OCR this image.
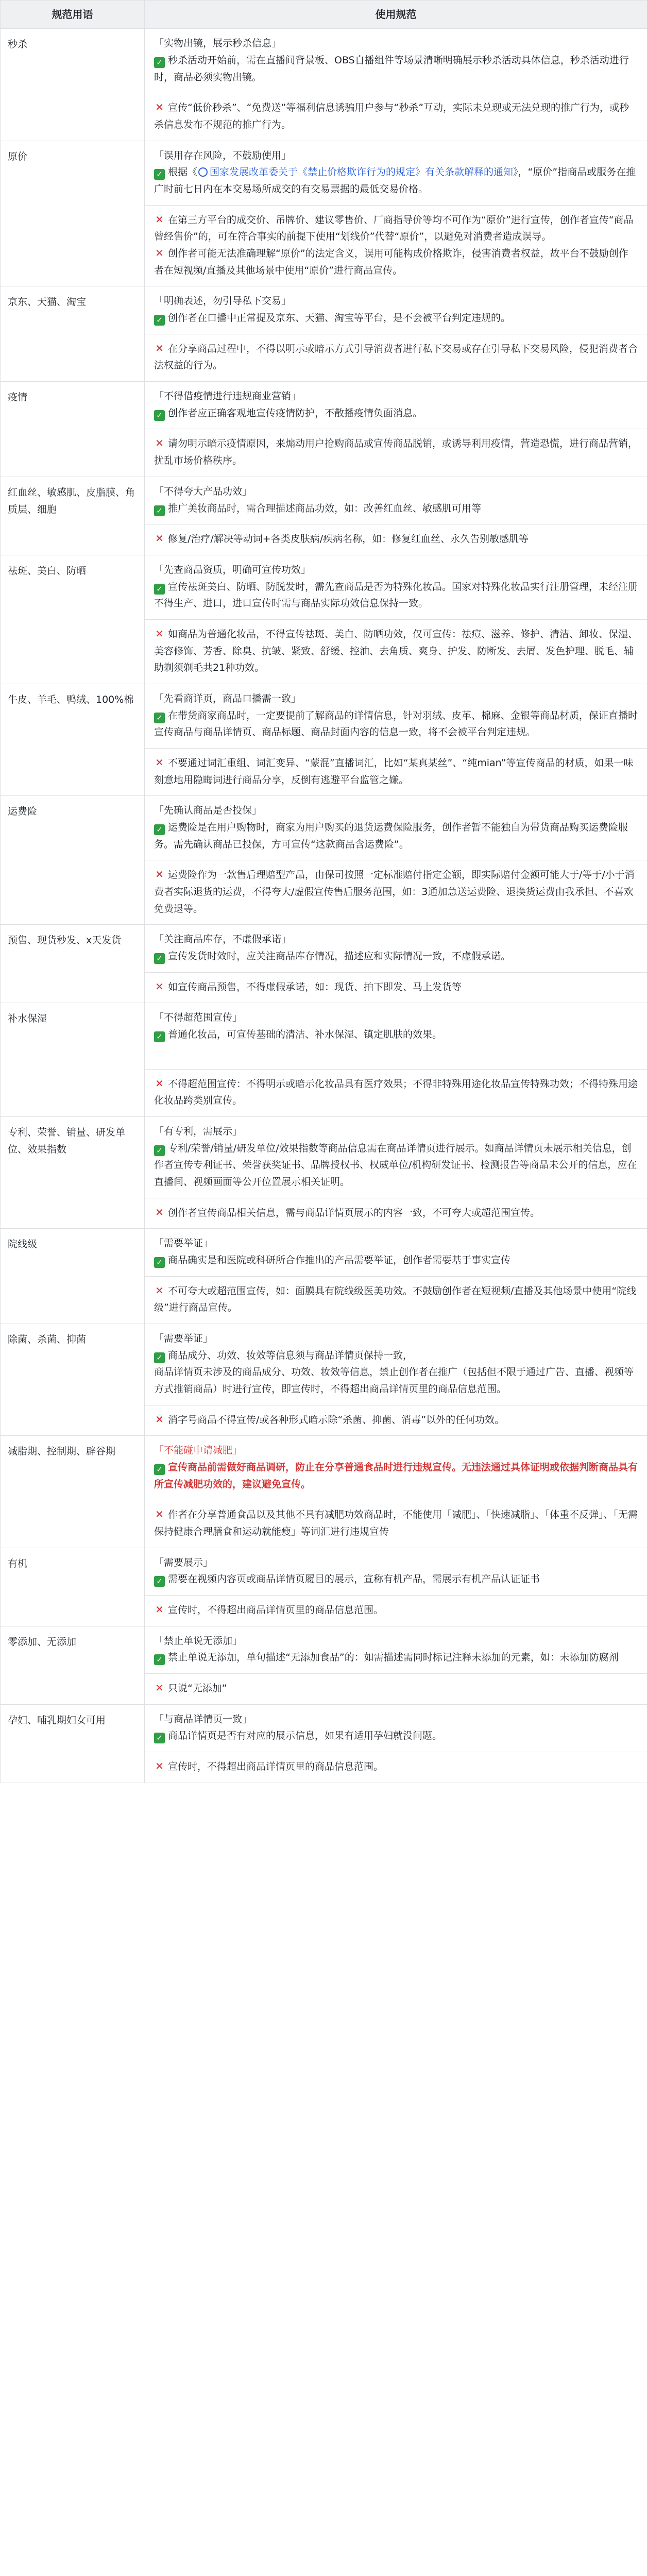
规范用语	使用规范

秒杀	「实物出镜，展示秒杀信息」
✓ 秒杀活动开始前，需在直播间背景板、OBS自播组件等场景清晰明确展示秒杀活动具体信息，秒杀活动进行时，商品必须实物出镜。
✕ 宣传“低价秒杀”、“免费送”等福利信息诱骗用户参与“秒杀”互动，实际未兑现或无法兑现的推广行为，或秒杀信息发布不规范的推广行为。

原价	「误用存在风险，不鼓励使用」
✓ 根据《 国家发展改革委关于《禁止价格欺诈行为的规定》有关条款解释的通知》，“原价”指商品或服务在推广时前七日内在本交易场所成交的有交易票据的最低交易价格。
✕ 在第三方平台的成交价、吊牌价、建议零售价、厂商指导价等均不可作为“原价”进行宣传，创作者宣传“商品曾经售价”的，可在符合事实的前提下使用“划线价”代替“原价”，以避免对消费者造成误导。
✕ 创作者可能无法准确理解“原价”的法定含义，误用可能构成价格欺诈，侵害消费者权益，故平台不鼓励创作者在短视频/直播及其他场景中使用“原价”进行商品宣传。

京东、天猫、淘宝	「明确表述，勿引导私下交易」
✓ 创作者在口播中正常提及京东、天猫、淘宝等平台，是不会被平台判定违规的。
✕ 在分享商品过程中，不得以明示或暗示方式引导消费者进行私下交易或存在引导私下交易风险，侵犯消费者合法权益的行为。

疫情	「不得借疫情进行违规商业营销」
✓ 创作者应正确客观地宣传疫情防护，不散播疫情负面消息。
✕ 请勿明示暗示疫情原因，来煽动用户抢购商品或宣传商品脱销，或诱导利用疫情，营造恐慌，进行商品营销，扰乱市场价格秩序。

红血丝、敏感肌、皮脂膜、角质层、细胞	「不得夸大产品功效」
✓ 推广美妆商品时，需合理描述商品功效，如：改善红血丝、敏感肌可用等
✕ 修复/治疗/解决等动词+各类皮肤病/疾病名称，如：修复红血丝、永久告别敏感肌等

祛斑、美白、防晒	「先查商品资质，明确可宣传功效」
✓ 宣传祛斑美白、防晒、防脱发时，需先查商品是否为特殊化妆品。国家对特殊化妆品实行注册管理，未经注册不得生产、进口，进口宣传时需与商品实际功效信息保持一致。
✕ 如商品为普通化妆品，不得宣传祛斑、美白、防晒功效，仅可宣传：祛痘、滋养、修护、清洁、卸妆、保湿、美容修饰、芳香、除臭、抗皱、紧致、舒缓、控油、去角质、爽身、护发、防断发、去屑、发色护理、脱毛、辅助剃须剃毛共21种功效。

牛皮、羊毛、鸭绒、100%棉	「先看商详页，商品口播需一致」
✓ 在带货商家商品时，一定要提前了解商品的详情信息，针对羽绒、皮革、棉麻、金银等商品材质，保证直播时宣传商品与商品详情页、商品标题、商品封面内容的信息一致，将不会被平台判定违规。
✕ 不要通过词汇重组、词汇变异、“蒙混”直播词汇，比如“某真某丝”、“纯mian”等宣传商品的材质，如果一味刻意地用隐晦词进行商品分享，反倒有逃避平台监管之嫌。

运费险	「先确认商品是否投保」
✓ 运费险是在用户购物时，商家为用户购买的退货运费保险服务，创作者暂不能独自为带货商品购买运费险服务。需先确认商品已投保，方可宣传“这款商品含运费险”。
✕ 运费险作为一款售后理赔型产品，由保司按照一定标准赔付指定金额，即实际赔付金额可能大于/等于/小于消费者实际退货的运费，不得夸大/虚假宣传售后服务范围，如：3通加急送运费险、退换货运费由我承担、不喜欢免费退等。

预售、现货秒发、x天发货	「关注商品库存，不虚假承诺」
✓ 宣传发货时效时，应关注商品库存情况，描述应和实际情况一致，不虚假承诺。
✕ 如宣传商品预售，不得虚假承诺，如：现货、拍下即发、马上发货等

补水保湿	「不得超范围宣传」
✓ 普通化妆品，可宣传基础的清洁、补水保湿、镇定肌肤的效果。
✕ 不得超范围宣传：不得明示或暗示化妆品具有医疗效果；不得非特殊用途化妆品宣传特殊功效；不得特殊用途化妆品跨类别宣传。

专利、荣誉、销量、研发单位、效果指数	「有专利，需展示」
✓ 专利/荣誉/销量/研发单位/效果指数等商品信息需在商品详情页进行展示。如商品详情页未展示相关信息，创作者宣传专利证书、荣誉获奖证书、品牌授权书、权威单位/机构研发证书、检测报告等商品未公开的信息，应在直播间、视频画面等公开位置展示相关证明。
✕ 创作者宣传商品相关信息，需与商品详情页展示的内容一致，不可夸大或超范围宣传。

院线级	「需要举证」
✓ 商品确实是和医院或科研所合作推出的产品需要举证，创作者需要基于事实宣传
✕ 不可夸大或超范围宣传，如：面膜具有院线级医美功效。不鼓励创作者在短视频/直播及其他场景中使用“院线级”进行商品宣传。

除菌、杀菌、抑菌	「需要举证」
✓ 商品成分、功效、妆效等信息须与商品详情页保持一致，
商品详情页未涉及的商品成分、功效、妆效等信息，禁止创作者在推广（包括但不限于通过广告、直播、视频等方式推销商品）时进行宣传，即宣传时，不得超出商品详情页里的商品信息范围。
✕ 消字号商品不得宣传/或各种形式暗示除“杀菌、抑菌、消毒”以外的任何功效。

减脂期、控制期、辟谷期	「不能碰申请减肥」
✓ 宣传商品前需做好商品调研，防止在分享普通食品时进行违规宣传。无违法通过具体证明或依据判断商品具有所宣传减肥功效的，建议避免宣传。
✕ 作者在分享普通食品以及其他不具有减肥功效商品时，不能使用「减肥」、「快速减脂」、「体重不反弹」、「无需保持健康合理膳食和运动就能瘦」等词汇进行违规宣传

有机	「需要展示」
✓ 需要在视频内容页或商品详情页履目的展示，宣称有机产品，需展示有机产品认证证书
✕ 宣传时，不得超出商品详情页里的商品信息范围。

零添加、无添加	「禁止单说无添加」
✓ 禁止单说无添加，单句描述“无添加食品”的：如需描述需同时标记注释未添加的元素，如：未添加防腐剂
✕ 只说“无添加”

孕妇、哺乳期妇女可用	「与商品详情页一致」
✓ 商品详情页是否有对应的展示信息，如果有适用孕妇就没问题。
✕ 宣传时，不得超出商品详情页里的商品信息范围。
